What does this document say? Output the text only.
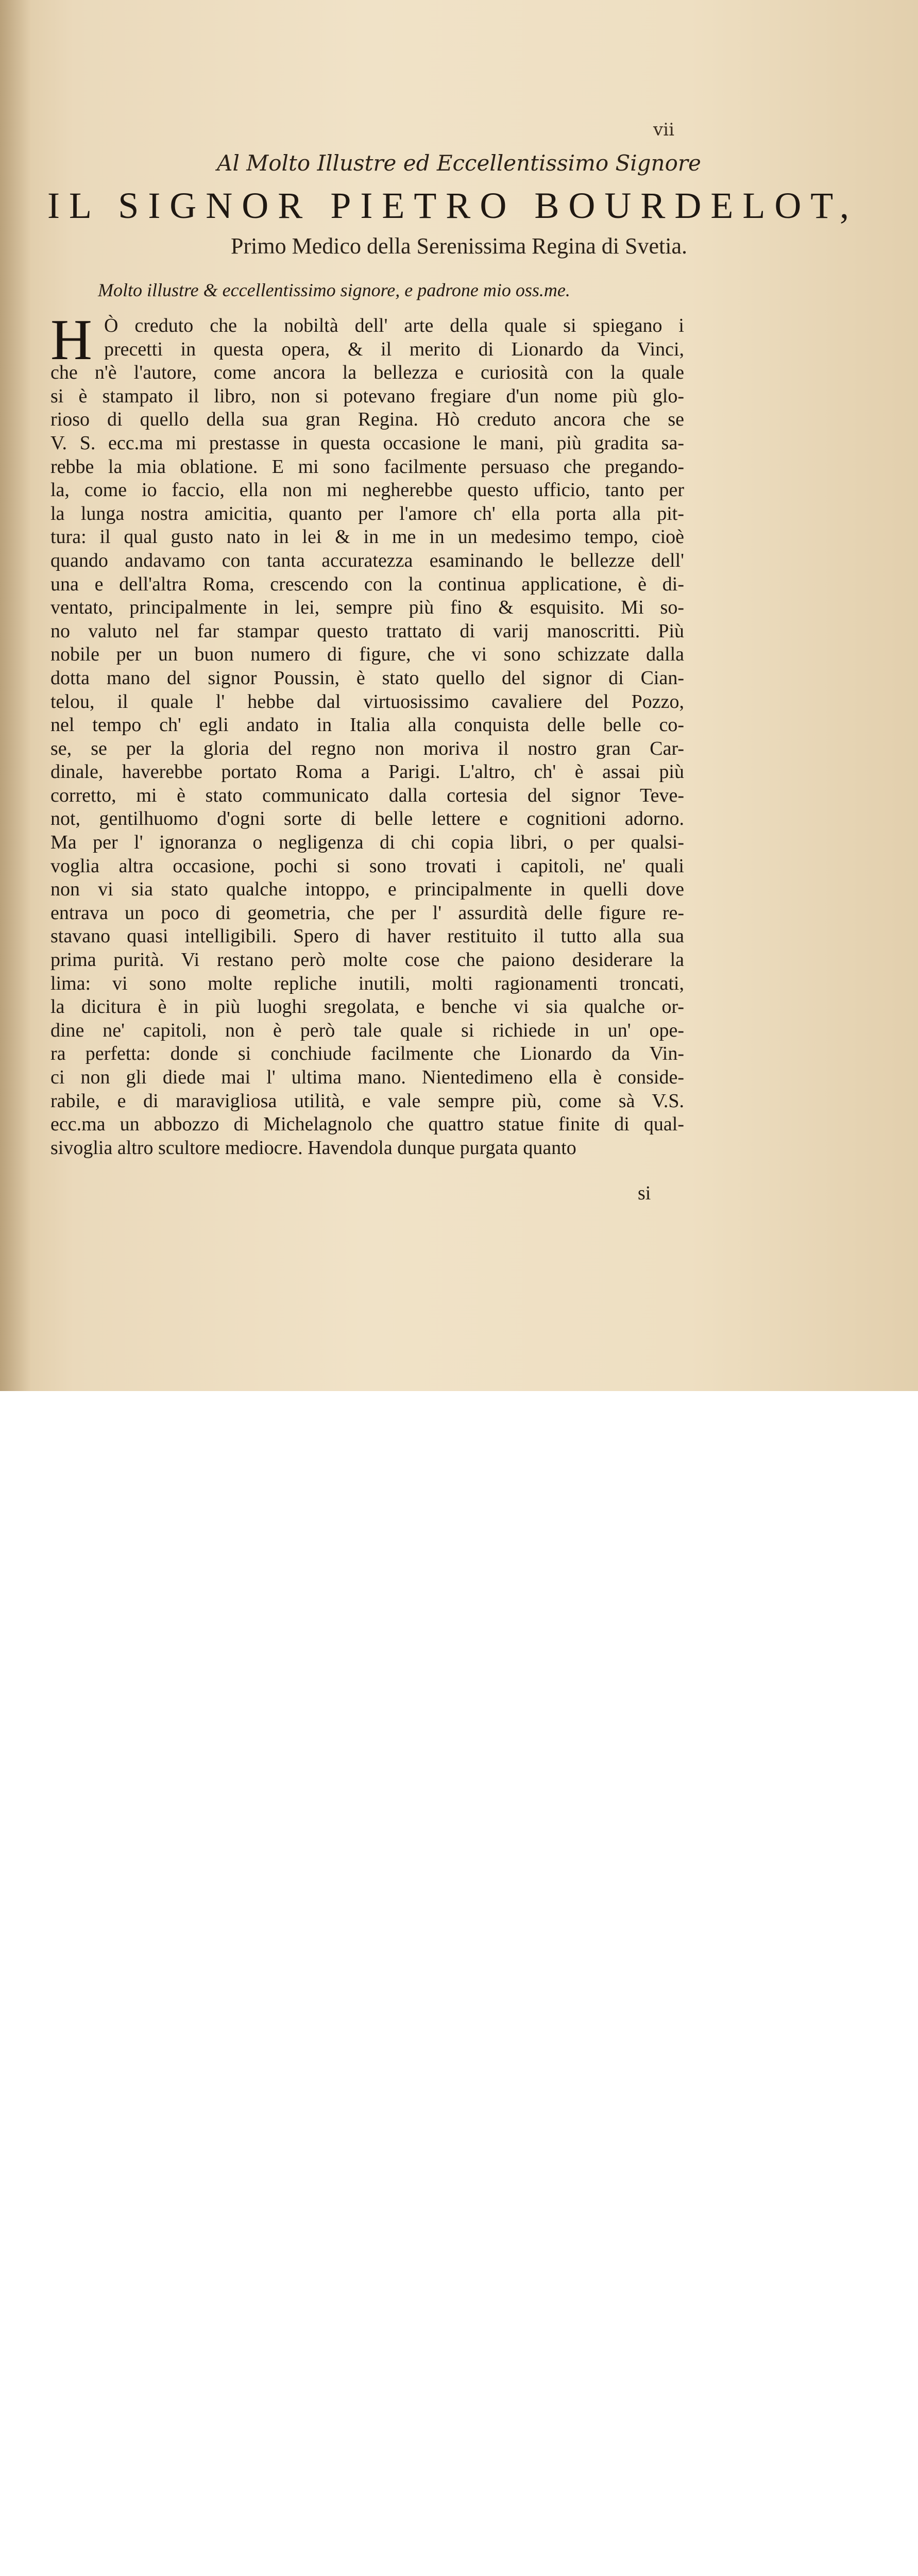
vii
Al Molto Illustre ed Eccellentissimo Signore
IL SIGNOR PIETRO BOURDELOT,
Primo Medico della Serenissima Regina di Svetia.
Molto illustre & eccellentissimo signore, e padrone mio oss.me.
H Ò creduto che la nobiltà dell' arte della quale si spiegano i
precetti in questa opera, & il merito di Lionardo da Vinci,
che n'è l'autore, come ancora la bellezza e curiosità con la quale
si è stampato il libro, non si potevano fregiare d'un nome più glo-
rioso di quello della sua gran Regina. Hò creduto ancora che se
V. S. ecc.ma mi prestasse in questa occasione le mani, più gradita sa-
rebbe la mia oblatione. E mi sono facilmente persuaso che pregando-
la, come io faccio, ella non mi negherebbe questo ufficio, tanto per
la lunga nostra amicitia, quanto per l'amore ch' ella porta alla pit-
tura: il qual gusto nato in lei & in me in un medesimo tempo, cioè
quando andavamo con tanta accuratezza esaminando le bellezze dell'
una e dell'altra Roma, crescendo con la continua applicatione, è di-
ventato, principalmente in lei, sempre più fino & esquisito. Mi so-
no valuto nel far stampar questo trattato di varij manoscritti. Più
nobile per un buon numero di figure, che vi sono schizzate dalla
dotta mano del signor Poussin, è stato quello del signor di Cian-
telou, il quale l' hebbe dal virtuosissimo cavaliere del Pozzo,
nel tempo ch' egli andato in Italia alla conquista delle belle co-
se, se per la gloria del regno non moriva il nostro gran Car-
dinale, haverebbe portato Roma a Parigi. L'altro, ch' è assai più
corretto, mi è stato communicato dalla cortesia del signor Teve-
not, gentilhuomo d'ogni sorte di belle lettere e cognitioni adorno.
Ma per l' ignoranza o negligenza di chi copia libri, o per qualsi-
voglia altra occasione, pochi si sono trovati i capitoli, ne' quali
non vi sia stato qualche intoppo, e principalmente in quelli dove
entrava un poco di geometria, che per l' assurdità delle figure re-
stavano quasi intelligibili. Spero di haver restituito il tutto alla sua
prima purità. Vi restano però molte cose che paiono desiderare la
lima: vi sono molte repliche inutili, molti ragionamenti troncati,
la dicitura è in più luoghi sregolata, e benche vi sia qualche or-
dine ne' capitoli, non è però tale quale si richiede in un' ope-
ra perfetta: donde si conchiude facilmente che Lionardo da Vin-
ci non gli diede mai l' ultima mano. Nientedimeno ella è conside-
rabile, e di maravigliosa utilità, e vale sempre più, come sà V.S.
ecc.ma un abbozzo di Michelagnolo che quattro statue finite di qual-
sivoglia altro scultore mediocre. Havendola dunque purgata quanto
si
